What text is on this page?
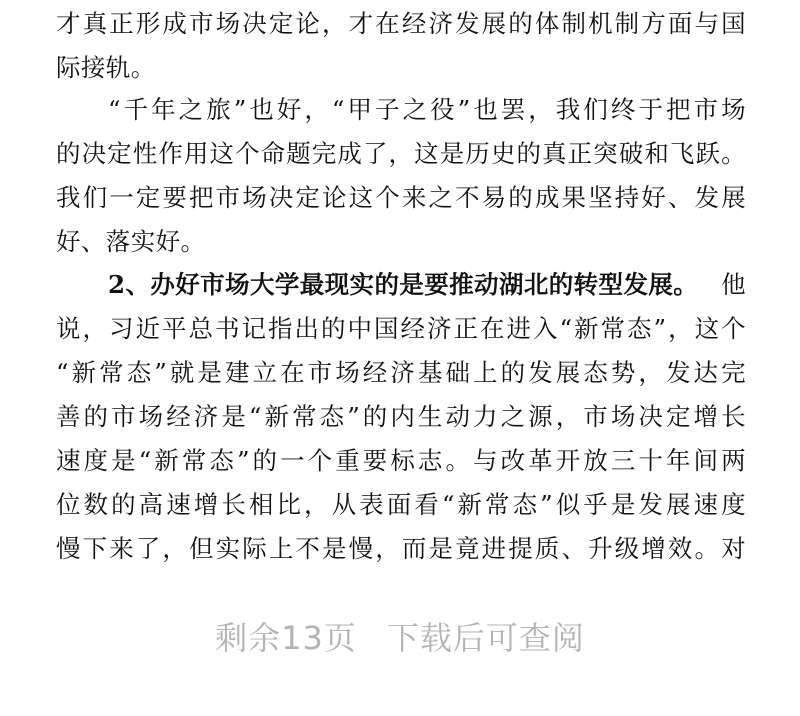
才真正形成市场决定论，才在经济发展的体制机制方面与国
际接轨。
“千年之旅”也好，“甲子之役”也罢，我们终于把市场
的决定性作用这个命题完成了，这是历史的真正突破和飞跃。
我们一定要把市场决定论这个来之不易的成果坚持好、发展
好、落实好。
2、办好市场大学最现实的是要推动湖北的转型发展。 他
说，习近平总书记指出的中国经济正在进入“新常态”，这个
“新常态”就是建立在市场经济基础上的发展态势，发达完
善的市场经济是“新常态”的内生动力之源，市场决定增长
速度是“新常态”的一个重要标志。与改革开放三十年间两
位数的高速增长相比，从表面看“新常态”似乎是发展速度
慢下来了，但实际上不是慢，而是竟进提质、升级增效。对
剩余13页 下载后可查阅
